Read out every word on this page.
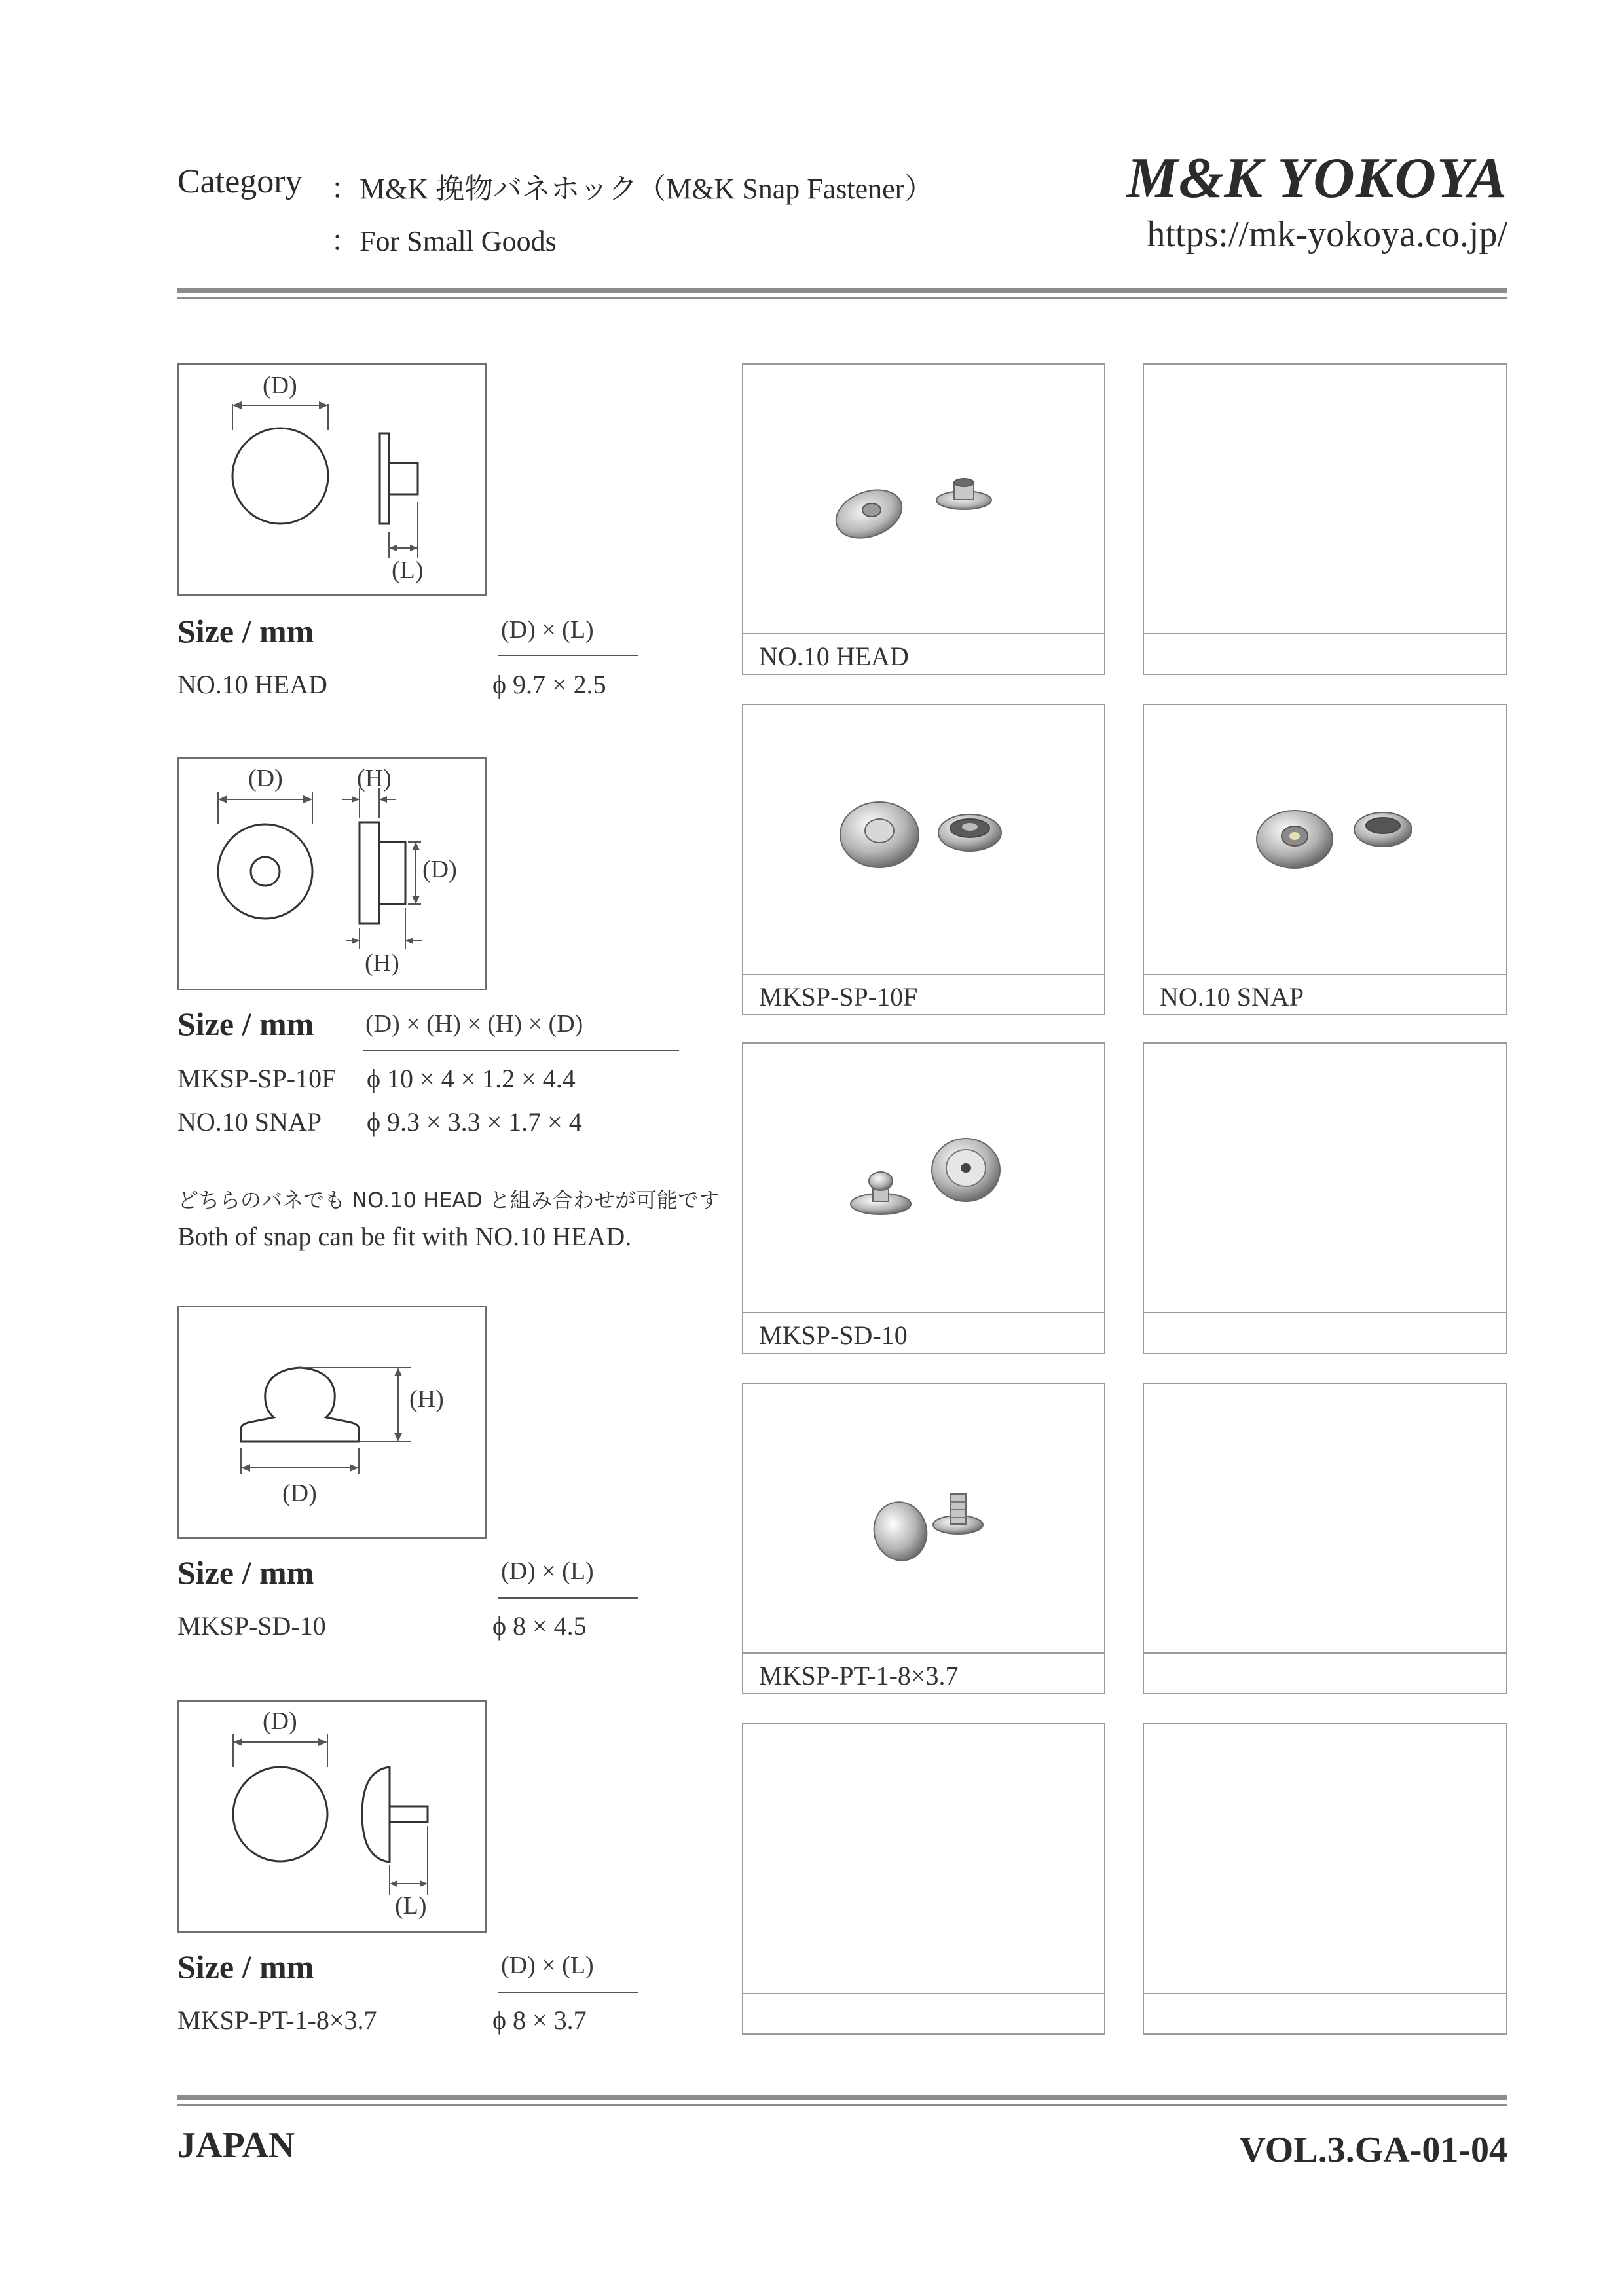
Category ：M&K 挽物バネホック（M&K Snap Fastener）
：For Small Goods
M&K YOKOYA
https://mk-yokoya.co.jp/
(D)
(L)
Size / mm	(D) × (L)
NO.10 HEAD	ϕ 9.7 × 2.5
(D)	(H)
(D)
(H)
Size / mm (D) × (H) × (H) × (D)
MKSP-SP-10F ϕ 10 × 4 × 1.2 × 4.4
NO.10 SNAP ϕ 9.3 × 3.3 × 1.7 × 4
どちらのバネでも NO.10 HEAD と組み合わせが可能です
Both of snap can be fit with NO.10 HEAD.
(H)
(D)
Size / mm	(D) × (L)
MKSP-SD-10	ϕ 8 × 4.5
(D)
(L)
Size / mm	(D) × (L)
MKSP-PT-1-8×3.7	ϕ 8 × 3.7
NO.10 HEAD
MKSP-SP-10F	NO.10 SNAP
MKSP-SD-10
MKSP-PT-1-8×3.7
JAPAN	VOL.3.GA-01-04
